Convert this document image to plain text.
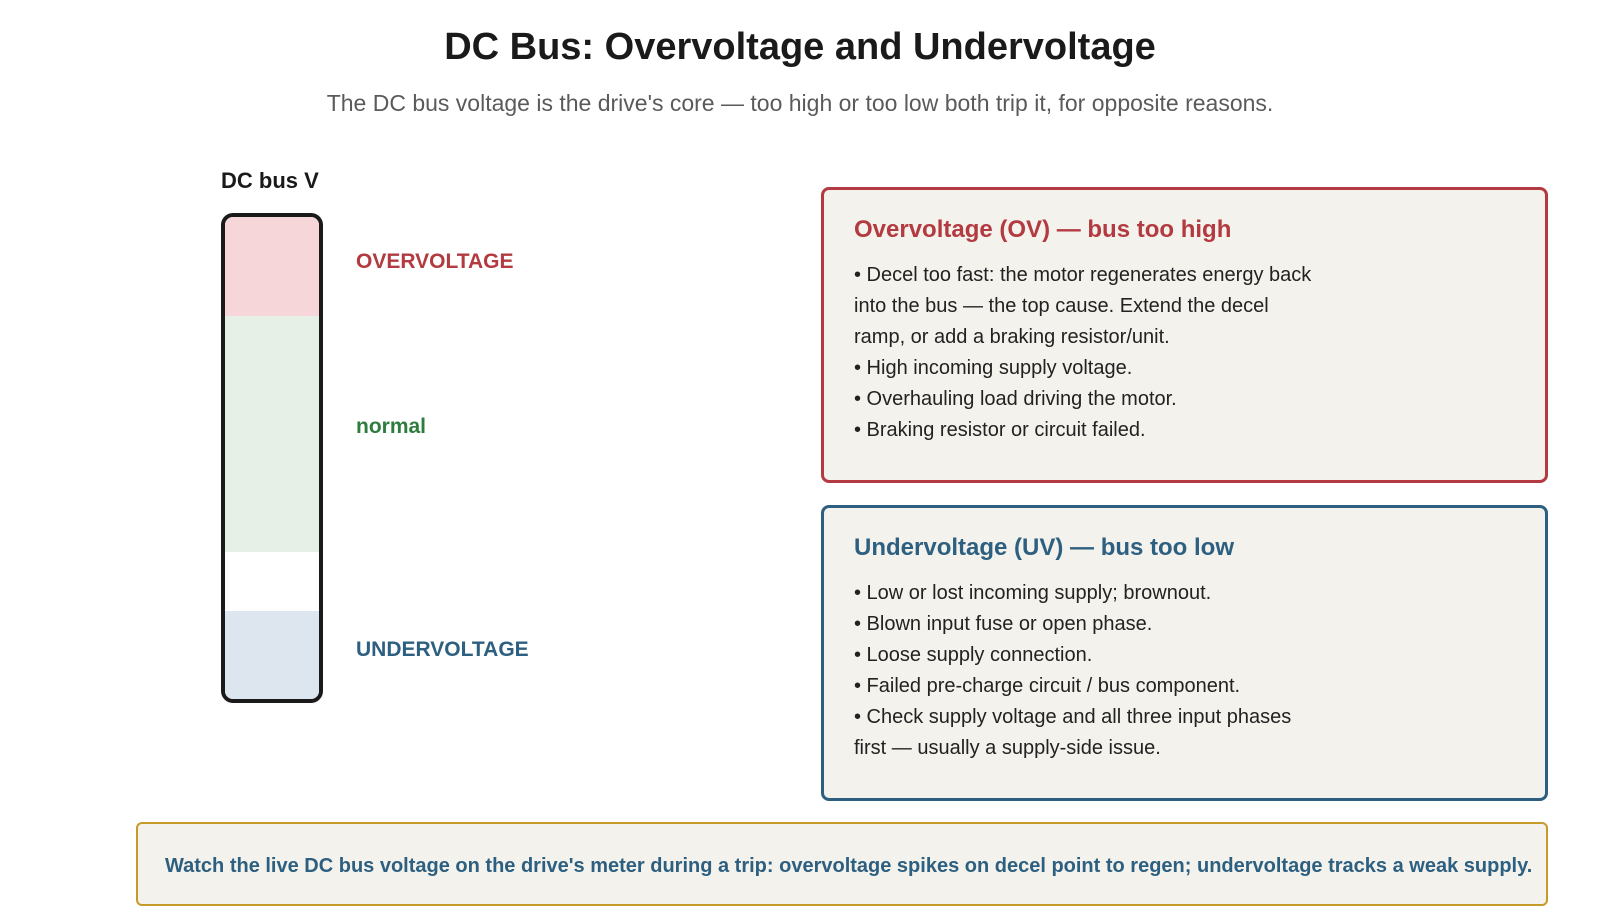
DC Bus: Overvoltage and Undervoltage

The DC bus voltage is the drive's core — too high or too low both trip it, for opposite reasons.

DC bus V
OVERVOLTAGE
normal
UNDERVOLTAGE
Overvoltage (OV) — bus too high
• Decel too fast: the motor regenerates energy back into the bus — the top cause. Extend the decel ramp, or add a braking resistor/unit.
• High incoming supply voltage.
• Overhauling load driving the motor.
• Braking resistor or circuit failed.
Undervoltage (UV) — bus too low
• Low or lost incoming supply; brownout.
• Blown input fuse or open phase.
• Loose supply connection.
• Failed pre-charge circuit / bus component.
• Check supply voltage and all three input phases first — usually a supply-side issue.
Watch the live DC bus voltage on the drive's meter during a trip: overvoltage spikes on decel point to regen; undervoltage tracks a weak supply.
